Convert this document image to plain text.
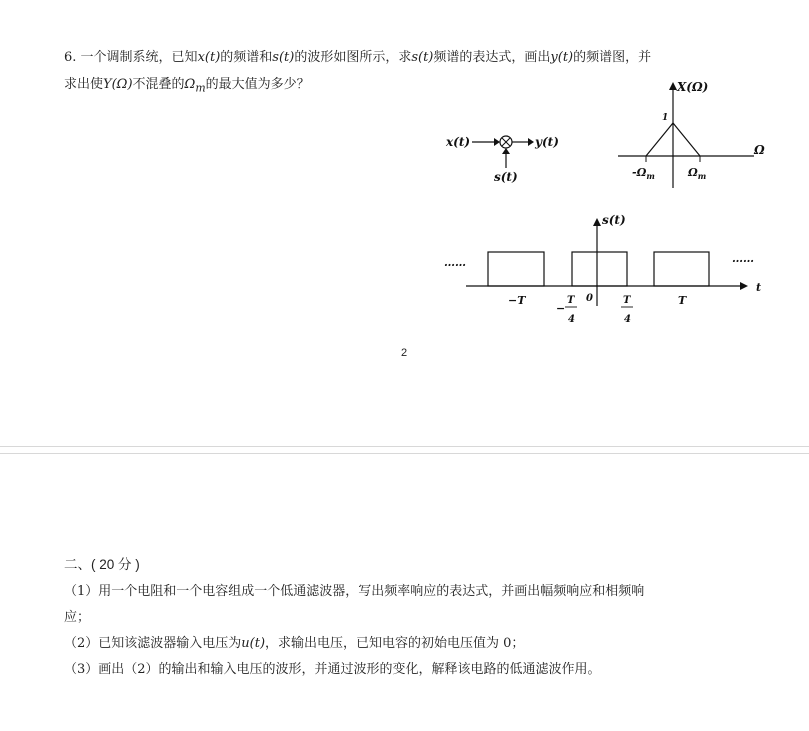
6. 一个调制系统，已知x(t)的频谱和s(t)的波形如图所示，求s(t)频谱的表达式，画出y(t)的频谱图，并

求出使Y(Ω)不混叠的$\Omega_m$的最大值为多少？

x(t)	y(t)
s(t)
Ω
X(Ω)
1
$-\Omega_m$	$\Omega_m$
t
s(t)
……	……
−T	0	T
−
T
4
T
4
2

二、( 20 分 )

（1）用一个电阻和一个电容组成一个低通滤波器，写出频率响应的表达式，并画出幅频响应和相频响

应；

（2）已知该滤波器输入电压为u(t)，求输出电压，已知电容的初始电压值为 0；

（3）画出（2）的输出和输入电压的波形，并通过波形的变化，解释该电路的低通滤波作用。
